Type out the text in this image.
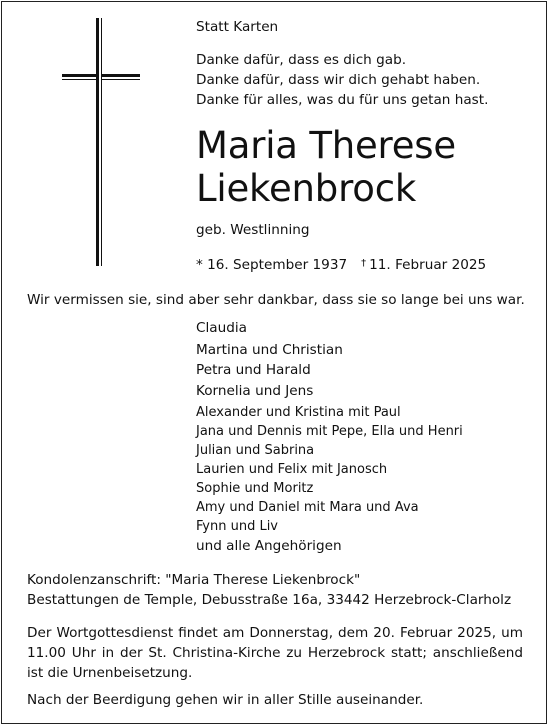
Statt Karten
Danke dafür, dass es dich gab.
Danke dafür, dass wir dich gehabt haben.
Danke für alles, was du für uns getan hast.
Maria Therese
Liekenbrock
geb. Westlinning
* 16. September 1937 † 11. Februar 2025
Wir vermissen sie, sind aber sehr dankbar, dass sie so lange bei uns war.
Claudia
Martina und Christian
Petra und Harald
Kornelia und Jens
Alexander und Kristina mit Paul
Jana und Dennis mit Pepe, Ella und Henri
Julian und Sabrina
Laurien und Felix mit Janosch
Sophie und Moritz
Amy und Daniel mit Mara und Ava
Fynn und Liv
und alle Angehörigen
Kondolenzanschrift: "Maria Therese Liekenbrock"
Bestattungen de Temple, Debusstraße 16a, 33442 Herzebrock-Clarholz
Der Wortgottesdienst findet am Donnerstag, dem 20. Februar 2025, um 11.00 Uhr in der St. Christina-Kirche zu Herzebrock statt; anschließend ist die Urnenbeisetzung.
Nach der Beerdigung gehen wir in aller Stille auseinander.
